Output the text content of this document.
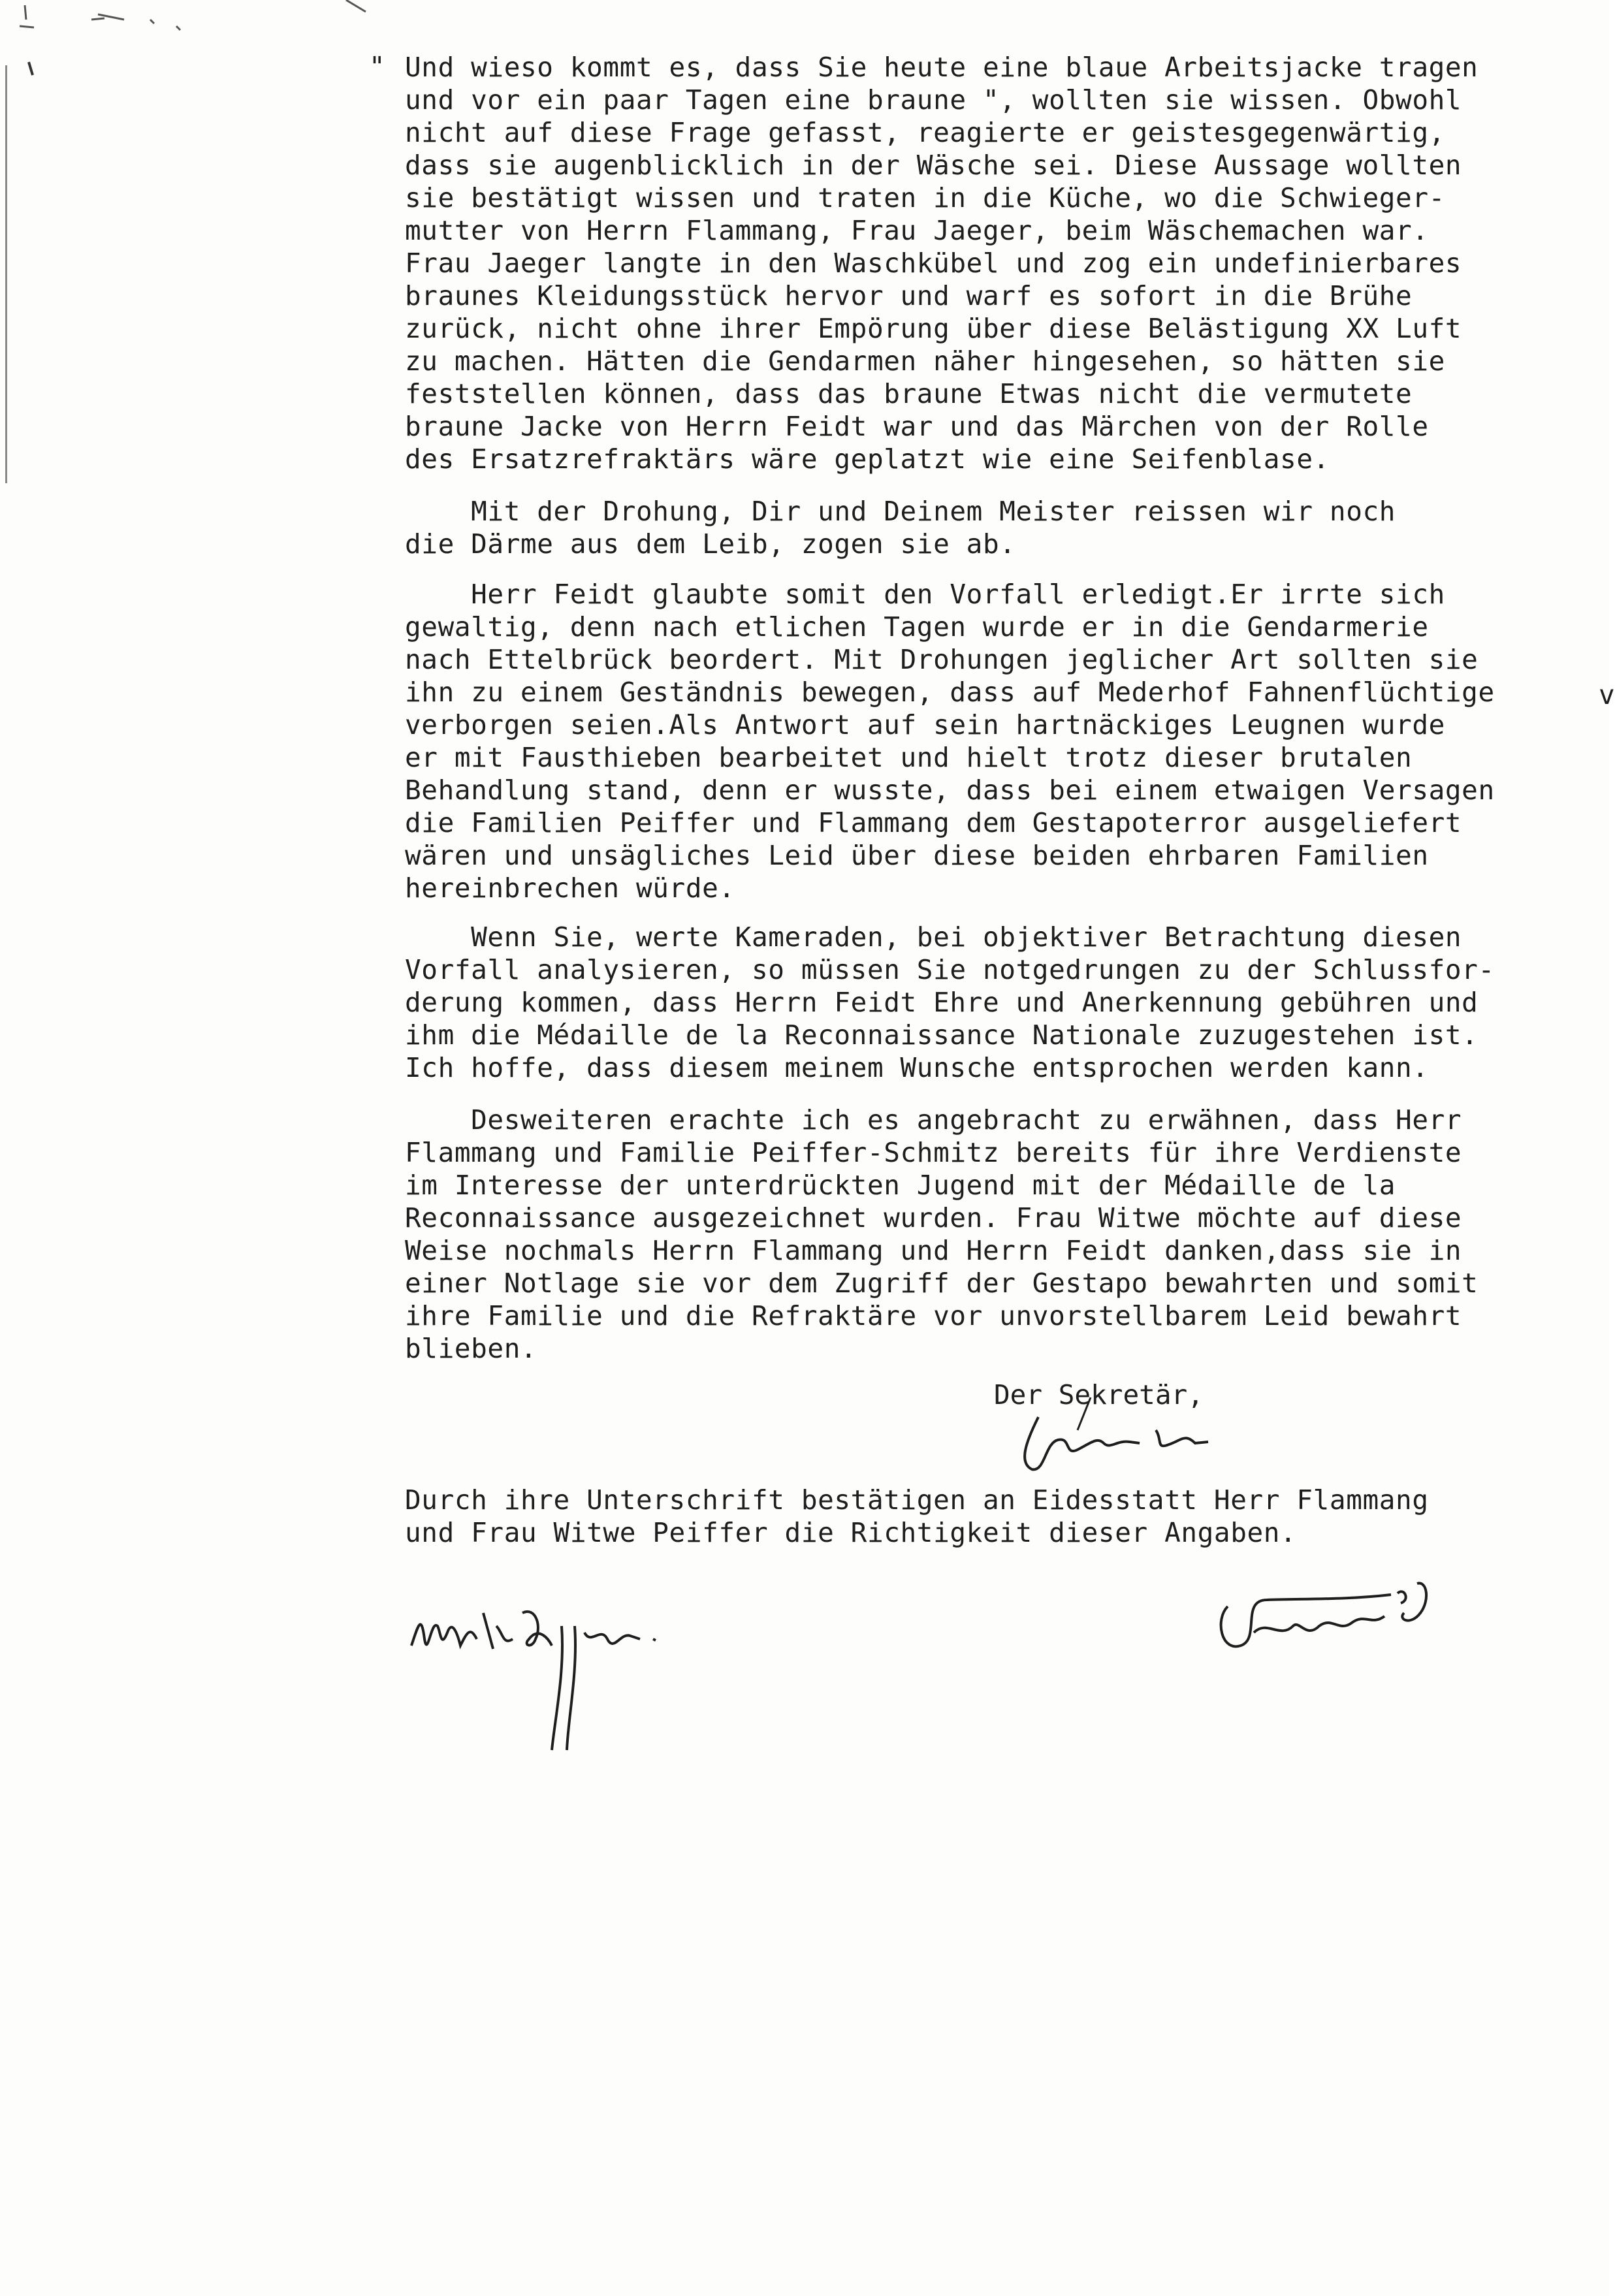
" Und wieso kommt es, dass Sie heute eine blaue Arbeitsjacke tragen
und vor ein paar Tagen eine braune ", wollten sie wissen. Obwohl
nicht auf diese Frage gefasst, reagierte er geistesgegenwärtig,
dass sie augenblicklich in der Wäsche sei. Diese Aussage wollten
sie bestätigt wissen und traten in die Küche, wo die Schwieger-
mutter von Herrn Flammang, Frau Jaeger, beim Wäschemachen war.
Frau Jaeger langte in den Waschkübel und zog ein undefinierbares
braunes Kleidungsstück hervor und warf es sofort in die Brühe
zurück, nicht ohne ihrer Empörung über diese Belästigung XX Luft
zu machen. Hätten die Gendarmen näher hingesehen, so hätten sie
feststellen können, dass das braune Etwas nicht die vermutete
braune Jacke von Herrn Feidt war und das Märchen von der Rolle
des Ersatzrefraktärs wäre geplatzt wie eine Seifenblase.

Mit der Drohung, Dir und Deinem Meister reissen wir noch
die Därme aus dem Leib, zogen sie ab.

Herr Feidt glaubte somit den Vorfall erledigt.Er irrte sich
gewaltig, denn nach etlichen Tagen wurde er in die Gendarmerie
nach Ettelbrück beordert. Mit Drohungen jeglicher Art sollten sie
ihn zu einem Geständnis bewegen, dass auf Mederhof Fahnenflüchtige
verborgen seien.Als Antwort auf sein hartnäckiges Leugnen wurde
er mit Fausthieben bearbeitet und hielt trotz dieser brutalen
Behandlung stand, denn er wusste, dass bei einem etwaigen Versagen
die Familien Peiffer und Flammang dem Gestapoterror ausgeliefert
wären und unsägliches Leid über diese beiden ehrbaren Familien
hereinbrechen würde.

v

Wenn Sie, werte Kameraden, bei objektiver Betrachtung diesen
Vorfall analysieren, so müssen Sie notgedrungen zu der Schlussfor-
derung kommen, dass Herrn Feidt Ehre und Anerkennung gebühren und
ihm die Médaille de la Reconnaissance Nationale zuzugestehen ist.
Ich hoffe, dass diesem meinem Wunsche entsprochen werden kann.

Desweiteren erachte ich es angebracht zu erwähnen, dass Herr
Flammang und Familie Peiffer-Schmitz bereits für ihre Verdienste
im Interesse der unterdrückten Jugend mit der Médaille de la
Reconnaissance ausgezeichnet wurden. Frau Witwe möchte auf diese
Weise nochmals Herrn Flammang und Herrn Feidt danken,dass sie in
einer Notlage sie vor dem Zugriff der Gestapo bewahrten und somit
ihre Familie und die Refraktäre vor unvorstellbarem Leid bewahrt
blieben.

Der Sekretär,

Durch ihre Unterschrift bestätigen an Eidesstatt Herr Flammang
und Frau Witwe Peiffer die Richtigkeit dieser Angaben.
